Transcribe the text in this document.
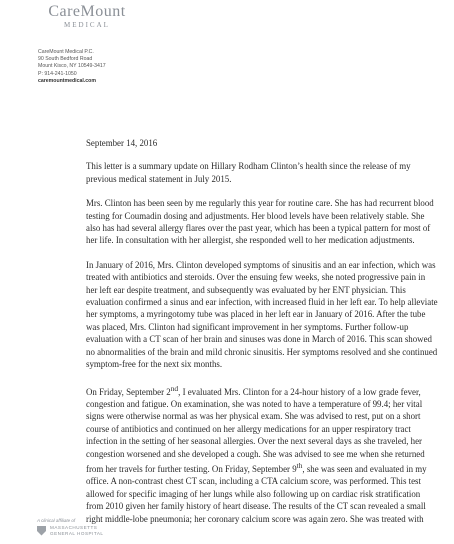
CareMount
MEDICAL
CareMount Medical P.C.
90 South Bedford Road
Mount Kisco, NY 10549-3417
P: 914-241-1050
caremountmedical.com
September 14, 2016
This letter is a summary update on Hillary Rodham Clinton’s health since the release of my previous medical statement in July 2015.
Mrs. Clinton has been seen by me regularly this year for routine care. She has had recurrent blood testing for Coumadin dosing and adjustments. Her blood levels have been relatively stable. She also has had several allergy flares over the past year, which has been a typical pattern for most of her life. In consultation with her allergist, she responded well to her medication adjustments.
In January of 2016, Mrs. Clinton developed symptoms of sinusitis and an ear infection, which was treated with antibiotics and steroids. Over the ensuing few weeks, she noted progressive pain in her left ear despite treatment, and subsequently was evaluated by her ENT physician. This evaluation confirmed a sinus and ear infection, with increased fluid in her left ear. To help alleviate her symptoms, a myringotomy tube was placed in her left ear in January of 2016. After the tube was placed, Mrs. Clinton had significant improvement in her symptoms. Further follow-up evaluation with a CT scan of her brain and sinuses was done in March of 2016. This scan showed no abnormalities of the brain and mild chronic sinusitis. Her symptoms resolved and she continued symptom-free for the next six months.
On Friday, September 2nd, I evaluated Mrs. Clinton for a 24-hour history of a low grade fever, congestion and fatigue. On examination, she was noted to have a temperature of 99.4; her vital signs were otherwise normal as was her physical exam. She was advised to rest, put on a short course of antibiotics and continued on her allergy medications for an upper respiratory tract infection in the setting of her seasonal allergies. Over the next several days as she traveled, her congestion worsened and she developed a cough. She was advised to see me when she returned from her travels for further testing. On Friday, September 9th, she was seen and evaluated in my office. A non-contrast chest CT scan, including a CTA calcium score, was performed. This test allowed for specific imaging of her lungs while also following up on cardiac risk stratification from 2010 given her family history of heart disease. The results of the CT scan revealed a small right middle-lobe pneumonia; her coronary calcium score was again zero. She was treated with
A clinical affiliate of
MASSACHUSETTS
GENERAL HOSPITAL
